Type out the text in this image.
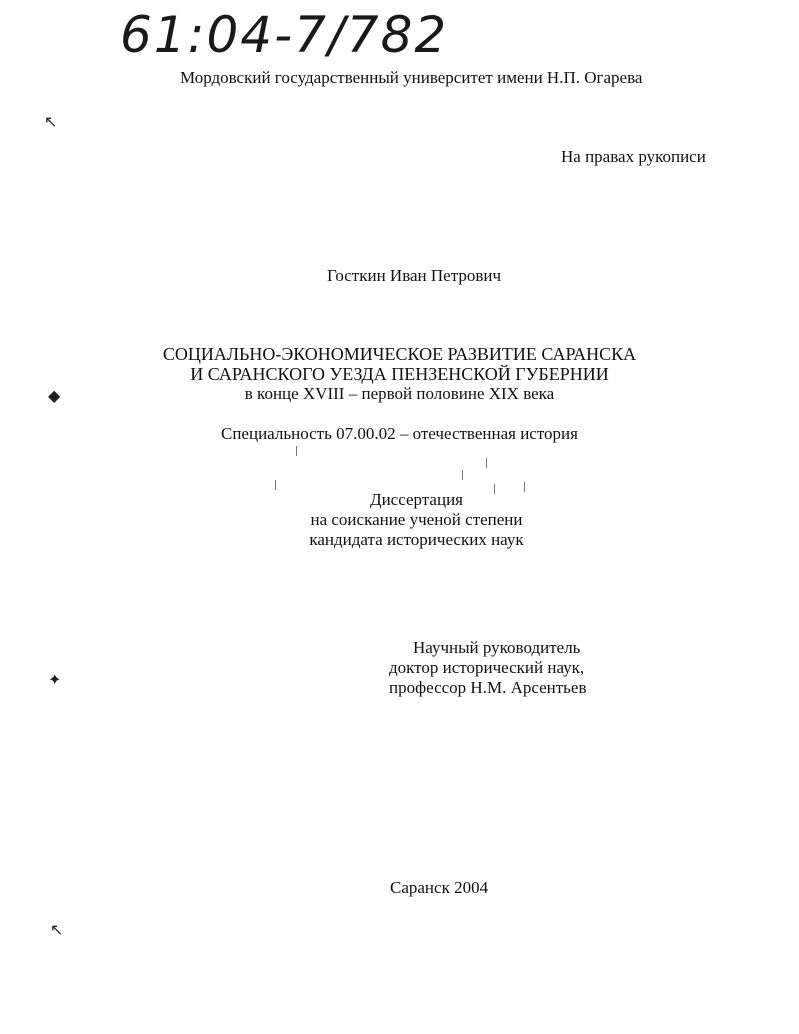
61:04-7/782
↖
◆
✦
↖
Мордовский государственный университет имени Н.П. Огарева
На правах рукописи
Госткин Иван Петрович
СОЦИАЛЬНО-ЭКОНОМИЧЕСКОЕ РАЗВИТИЕ САРАНСКА
И САРАНСКОГО УЕЗДА ПЕНЗЕНСКОЙ ГУБЕРНИИ
в конце XVIII – первой половине XIX века
Специальность 07.00.02 – отечественная история
Диссертация
на соискание ученой степени
кандидата исторических наук
Научный руководитель
доктор исторический наук,
профессор Н.М. Арсентьев
Саранск 2004
